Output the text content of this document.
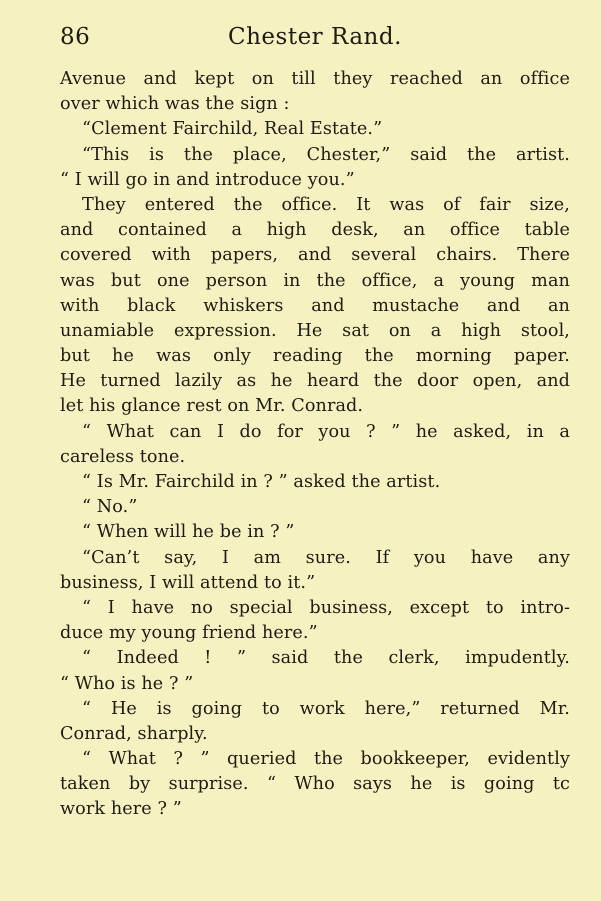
86	Chester Rand.
Avenue and kept on till they reached an office
over which was the sign :
“Clement Fairchild, Real Estate.”
“This is the place, Chester,” said the artist.
“ I will go in and introduce you.”
They entered the office. It was of fair size,
and contained a high desk, an office table
covered with papers, and several chairs. There
was but one person in the office, a young man
with black whiskers and mustache and an
unamiable expression. He sat on a high stool,
but he was only reading the morning paper.
He turned lazily as he heard the door open, and
let his glance rest on Mr. Conrad.
“ What can I do for you ? ” he asked, in a
careless tone.
“ Is Mr. Fairchild in ? ” asked the artist.
“ No.”
“ When will he be in ? ”
“Can’t say, I am sure. If you have any
business, I will attend to it.”
“ I have no special business, except to intro-
duce my young friend here.”
“ Indeed ! ” said the clerk, impudently.
“ Who is he ? ”
“ He is going to work here,” returned Mr.
Conrad, sharply.
“ What ? ” queried the bookkeeper, evidently
taken by surprise. “ Who says he is going tc
work here ? ”
